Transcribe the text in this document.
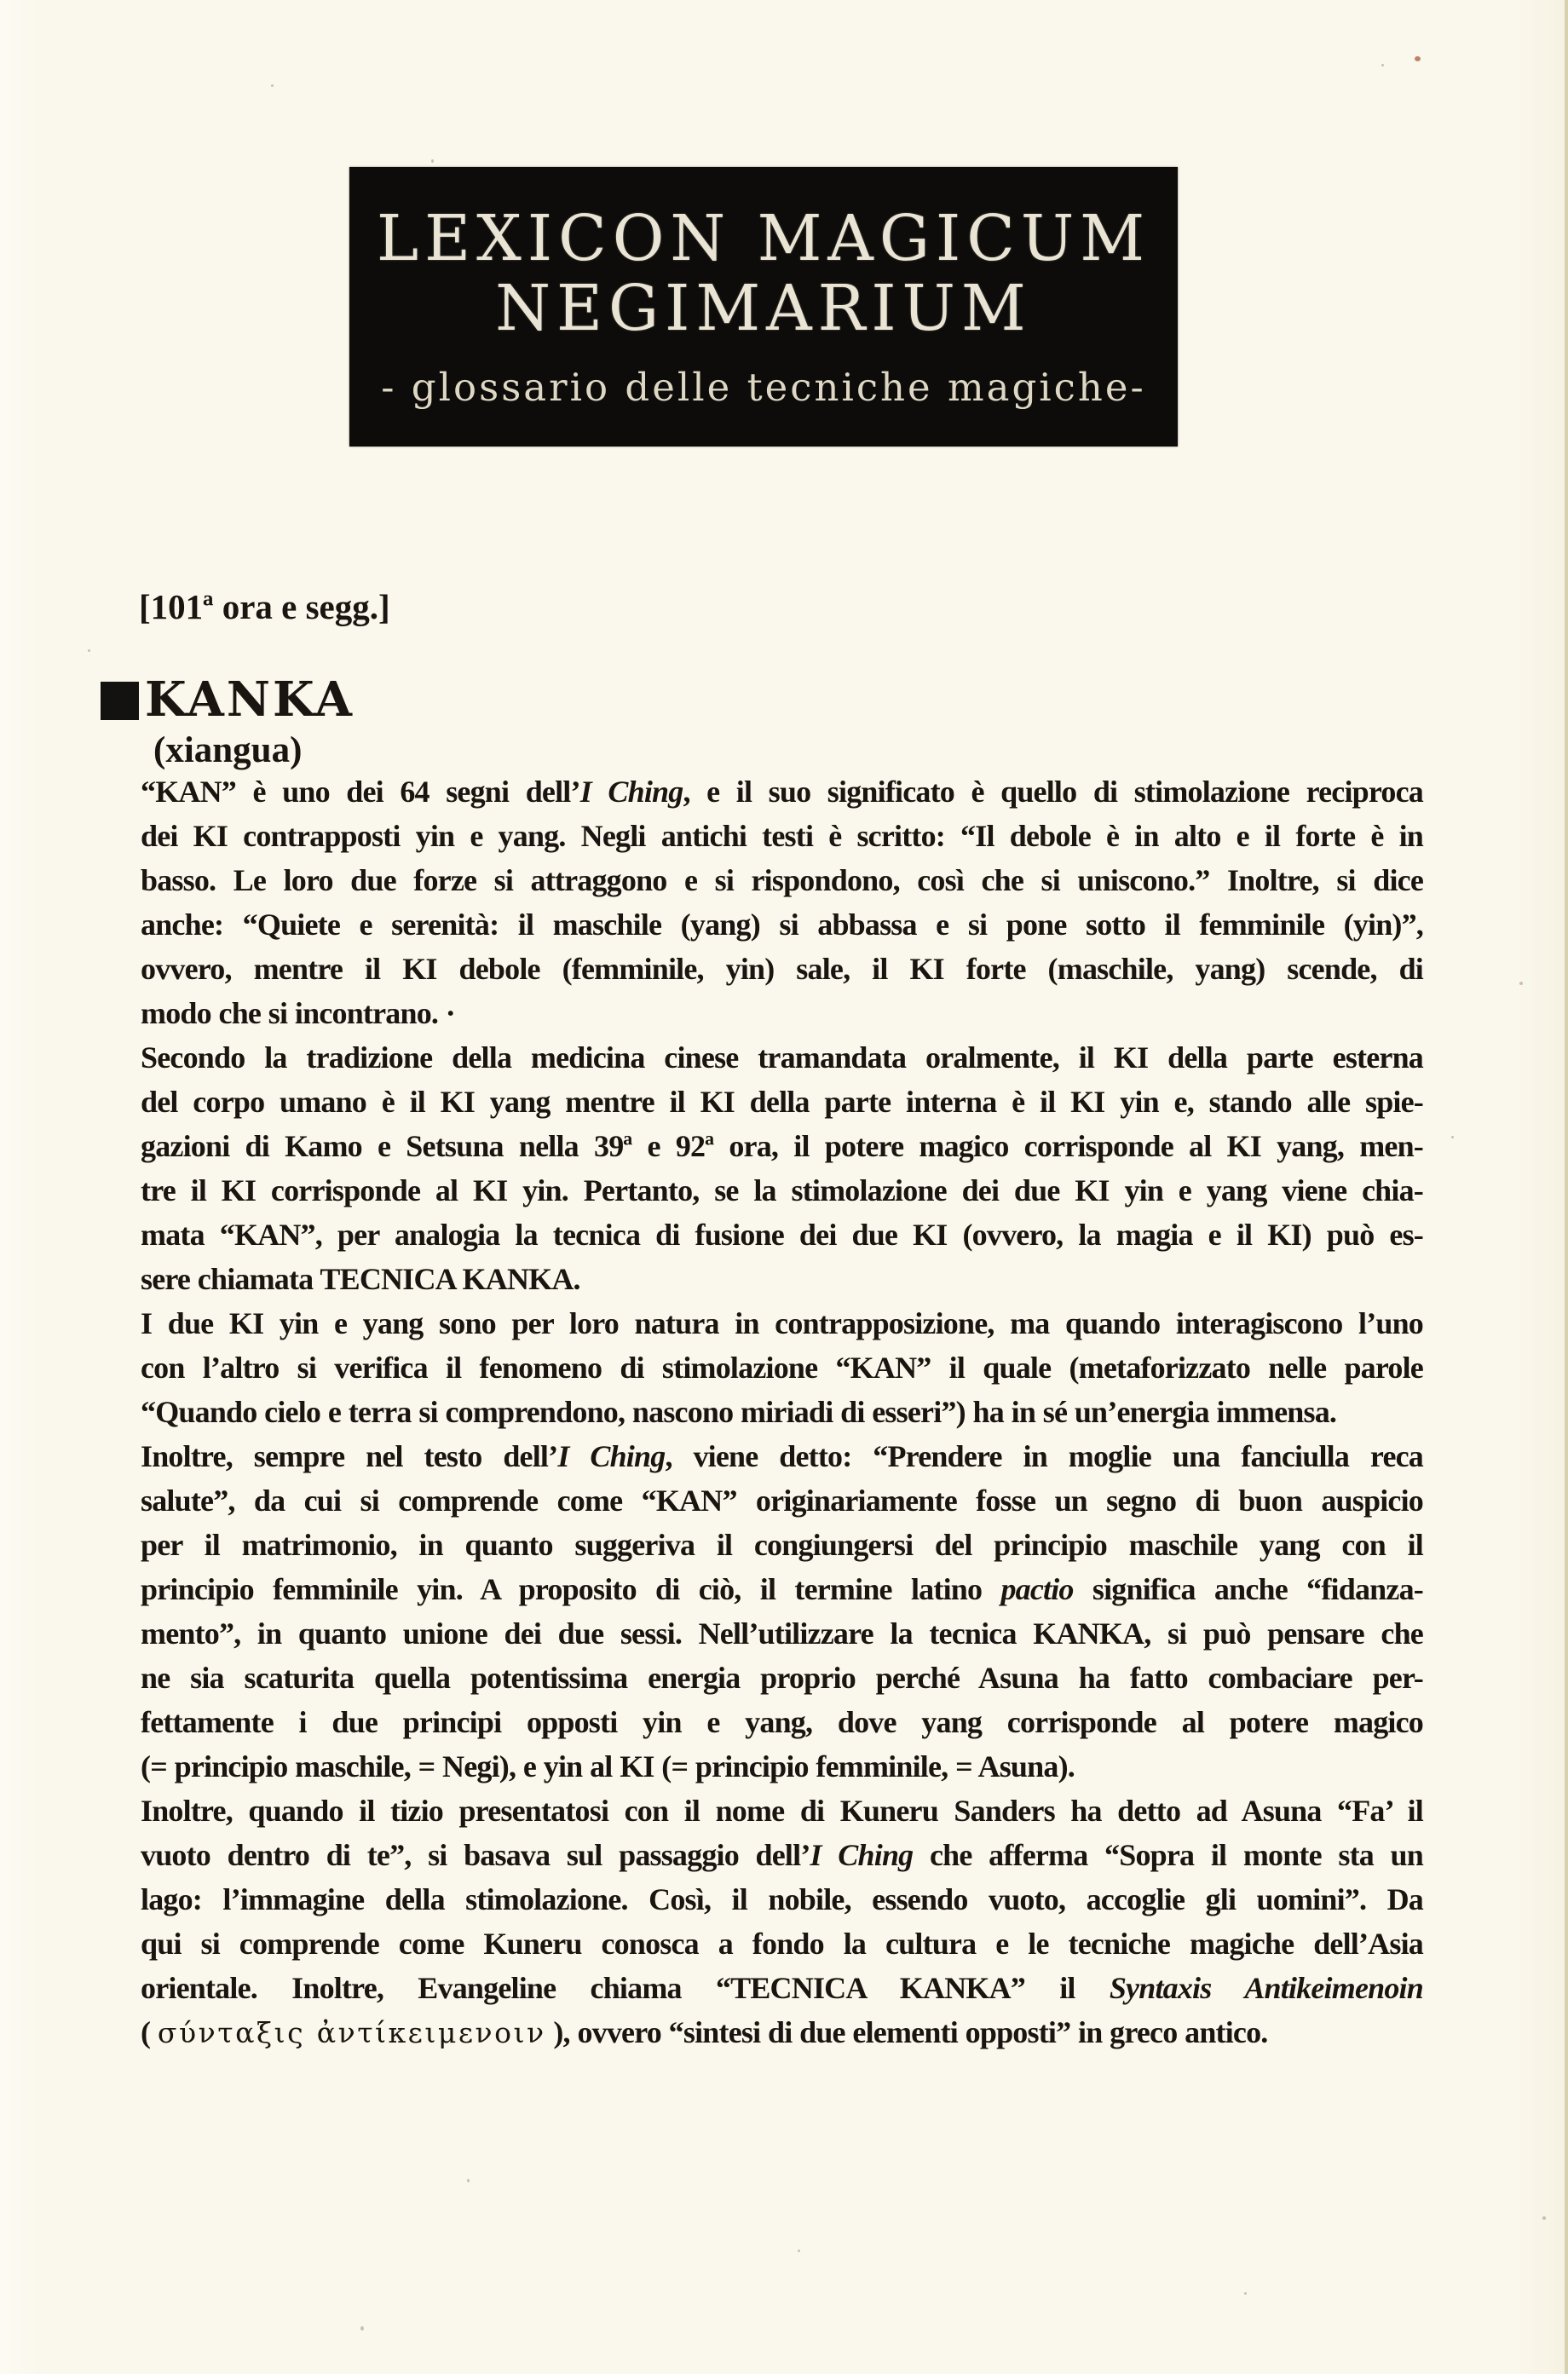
LEXICON MAGICUM
NEGIMARIUM
- glossario delle tecniche magiche-
[101ª ora e segg.]
KANKA
(xiangua)
“KAN” è uno dei 64 segni dell’I Ching, e il suo significato è quello di stimolazione reciproca
dei KI contrapposti yin e yang. Negli antichi testi è scritto: “Il debole è in alto e il forte è in
basso. Le loro due forze si attraggono e si rispondono, così che si uniscono.” Inoltre, si dice
anche: “Quiete e serenità: il maschile (yang) si abbassa e si pone sotto il femminile (yin)”,
ovvero, mentre il KI debole (femminile, yin) sale, il KI forte (maschile, yang) scende, di
modo che si incontrano. ·
Secondo la tradizione della medicina cinese tramandata oralmente, il KI della parte esterna
del corpo umano è il KI yang mentre il KI della parte interna è il KI yin e, stando alle spie-
gazioni di Kamo e Setsuna nella 39ª e 92ª ora, il potere magico corrisponde al KI yang, men-
tre il KI corrisponde al KI yin. Pertanto, se la stimolazione dei due KI yin e yang viene chia-
mata “KAN”, per analogia la tecnica di fusione dei due KI (ovvero, la magia e il KI) può es-
sere chiamata TECNICA KANKA.
I due KI yin e yang sono per loro natura in contrapposizione, ma quando interagiscono l’uno
con l’altro si verifica il fenomeno di stimolazione “KAN” il quale (metaforizzato nelle parole
“Quando cielo e terra si comprendono, nascono miriadi di esseri”) ha in sé un’energia immensa.
Inoltre, sempre nel testo dell’I Ching, viene detto: “Prendere in moglie una fanciulla reca
salute”, da cui si comprende come “KAN” originariamente fosse un segno di buon auspicio
per il matrimonio, in quanto suggeriva il congiungersi del principio maschile yang con il
principio femminile yin. A proposito di ciò, il termine latino pactio significa anche “fidanza-
mento”, in quanto unione dei due sessi. Nell’utilizzare la tecnica KANKA, si può pensare che
ne sia scaturita quella potentissima energia proprio perché Asuna ha fatto combaciare per-
fettamente i due principi opposti yin e yang, dove yang corrisponde al potere magico
(= principio maschile, = Negi), e yin al KI (= principio femminile, = Asuna).
Inoltre, quando il tizio presentatosi con il nome di Kuneru Sanders ha detto ad Asuna “Fa’ il
vuoto dentro di te”, si basava sul passaggio dell’I Ching che afferma “Sopra il monte sta un
lago: l’immagine della stimolazione. Così, il nobile, essendo vuoto, accoglie gli uomini”. Da
qui si comprende come Kuneru conosca a fondo la cultura e le tecniche magiche dell’Asia
orientale. Inoltre, Evangeline chiama “TECNICA KANKA” il Syntaxis Antikeimenoin
( σύνταξις ἀντίκειμενοιν ), ovvero “sintesi di due elementi opposti” in greco antico.
